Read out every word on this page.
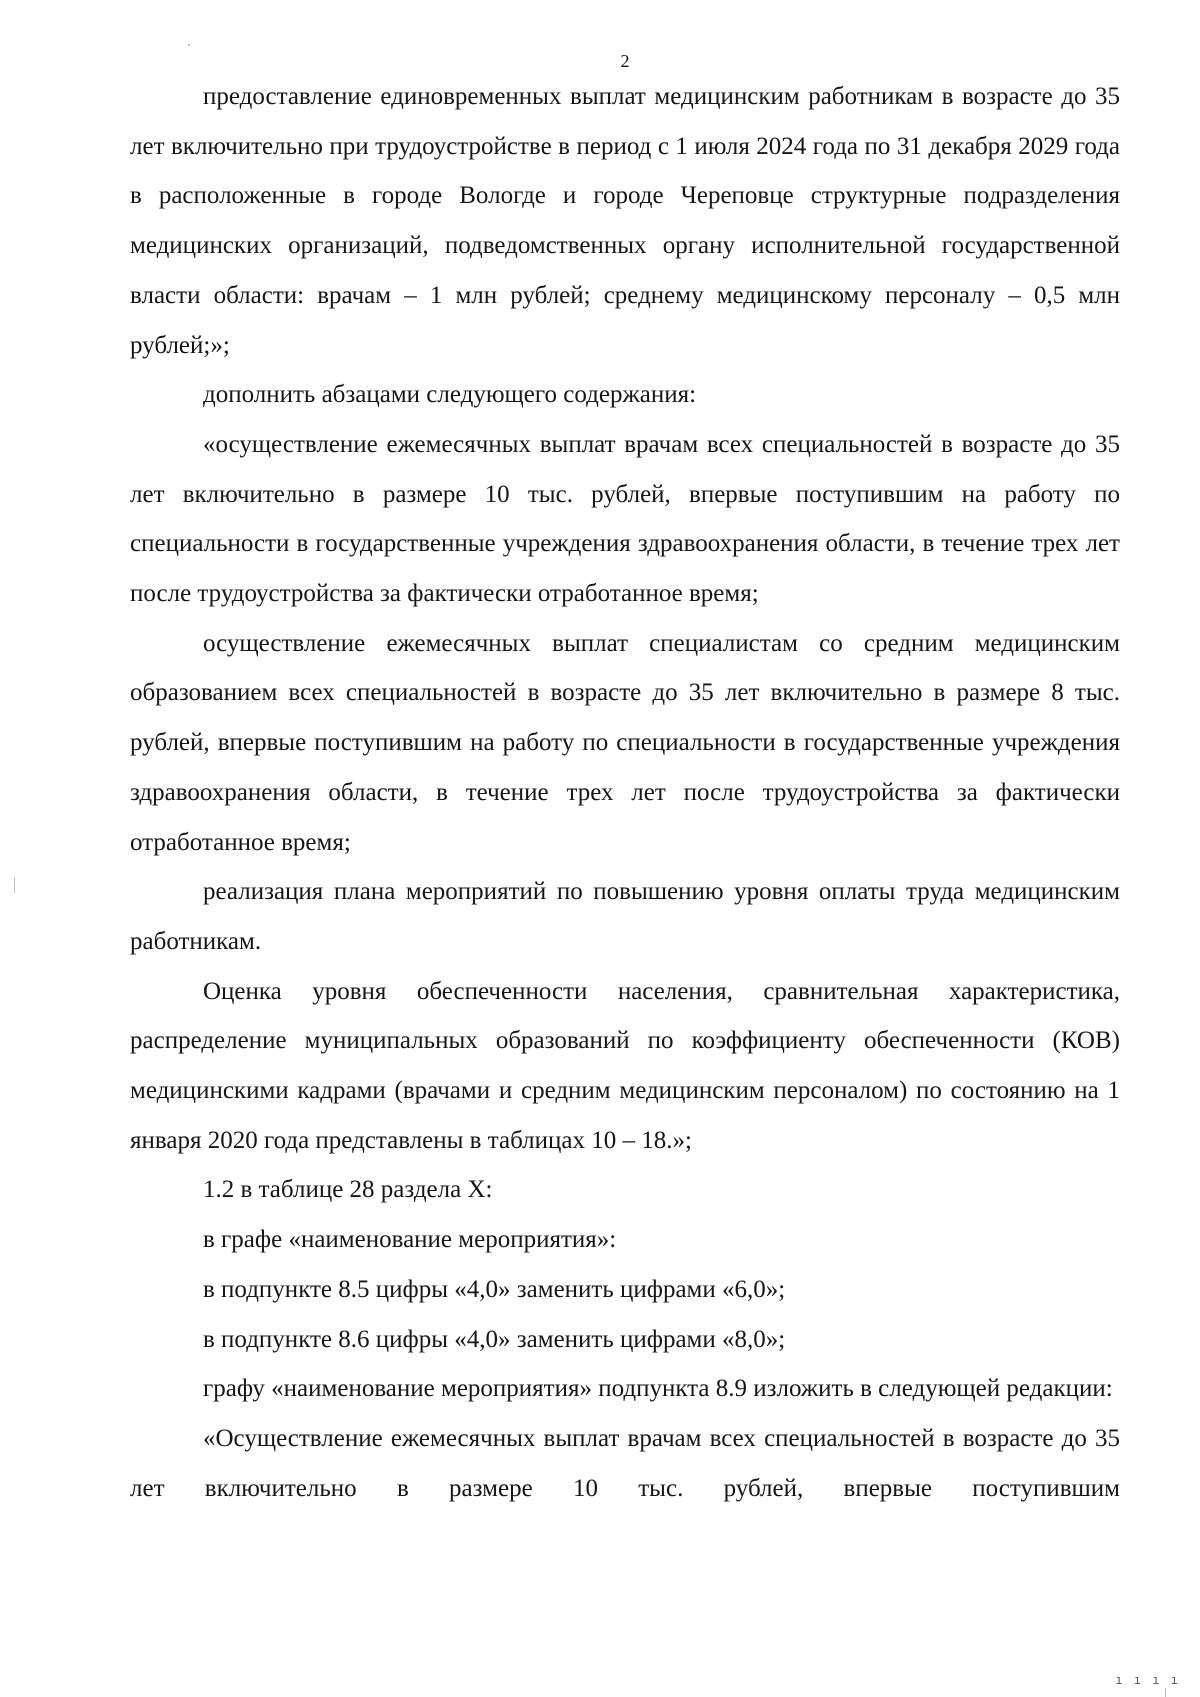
2

предоставление единовременных выплат медицинским работникам в возрасте до 35 лет включительно при трудоустройстве в период с 1 июля 2024 года по 31 декабря 2029 года в расположенные в городе Вологде и городе Череповце структурные подразделения медицинских организаций, подведомственных органу исполнительной государственной власти области: врачам – 1 млн рублей; среднему медицинскому персоналу – 0,5 млн рублей;»;

дополнить абзацами следующего содержания:

«осуществление ежемесячных выплат врачам всех специальностей в возрасте до 35 лет включительно в размере 10 тыс. рублей, впервые поступившим на работу по специальности в государственные учреждения здравоохранения области, в течение трех лет после трудоустройства за фактически отработанное время;

осуществление ежемесячных выплат специалистам со средним медицинским образованием всех специальностей в возрасте до 35 лет включительно в размере 8 тыс. рублей, впервые поступившим на работу по специальности в государственные учреждения здравоохранения области, в течение трех лет после трудоустройства за фактически отработанное время;

реализация плана мероприятий по повышению уровня оплаты труда медицинским работникам.

Оценка уровня обеспеченности населения, сравнительная характеристика, распределение муниципальных образований по коэффициенту обеспеченности (КОВ) медицинскими кадрами (врачами и средним медицинским персоналом) по состоянию на 1 января 2020 года представлены в таблицах 10 – 18.»;

1.2 в таблице 28 раздела X:

в графе «наименование мероприятия»:

в подпункте 8.5 цифры «4,0» заменить цифрами «6,0»;

в подпункте 8.6 цифры «4,0» заменить цифрами «8,0»;

графу «наименование мероприятия» подпункта 8.9 изложить в следующей редакции:

«Осуществление ежемесячных выплат врачам всех специальностей в возрасте до 35 лет включительно в размере 10 тыс. рублей, впервые поступившим

ı ı ı ı
